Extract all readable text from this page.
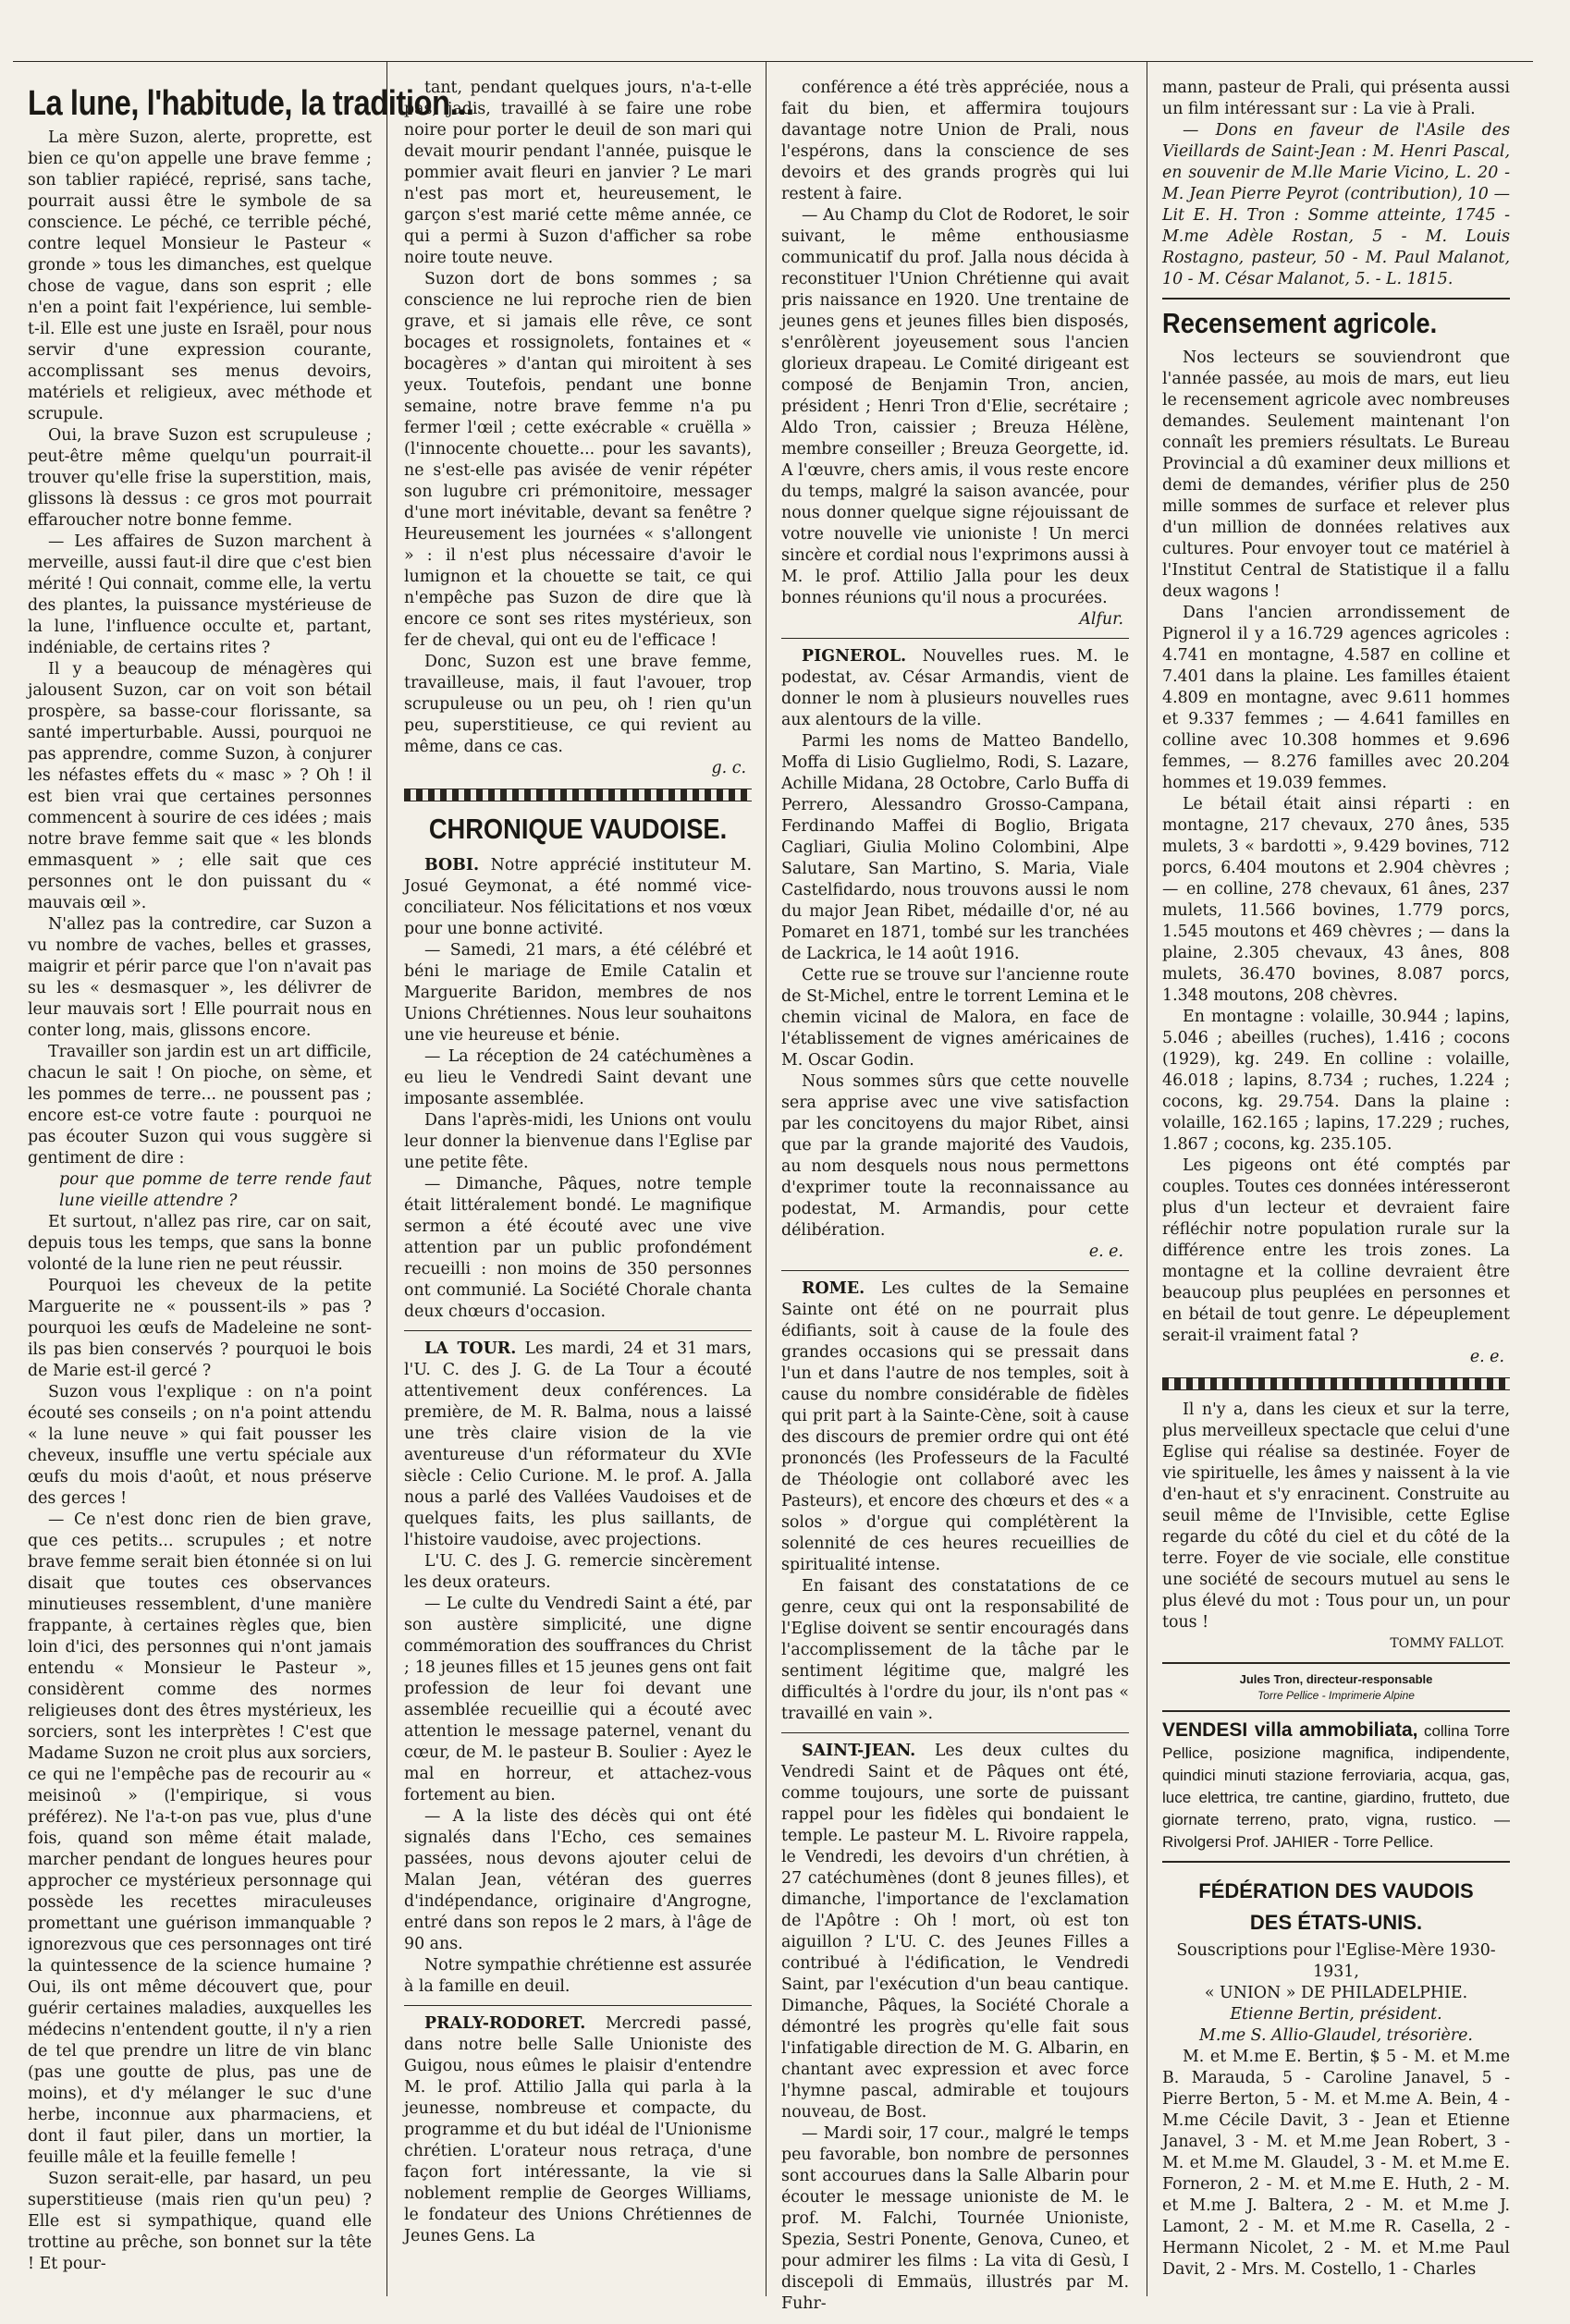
La lune, l'habitude, la tradition...

La mère Suzon, alerte, proprette, est bien ce qu'on appelle une brave femme ; son tablier rapiécé, reprisé, sans tache, pourrait aussi être le symbole de sa conscience. Le péché, ce terrible péché, contre lequel Monsieur le Pasteur « gronde » tous les dimanches, est quelque chose de vague, dans son esprit ; elle n'en a point fait l'expérience, lui semble-t-il. Elle est une juste en Israël, pour nous servir d'une expression courante, accomplissant ses menus devoirs, matériels et religieux, avec méthode et scrupule.

Oui, la brave Suzon est scrupuleuse ; peut-être même quelqu'un pourrait-il trouver qu'elle frise la superstition, mais, glissons là dessus : ce gros mot pourrait effaroucher notre bonne femme.

— Les affaires de Suzon marchent à merveille, aussi faut-il dire que c'est bien mérité ! Qui connait, comme elle, la vertu des plantes, la puissance mystérieuse de la lune, l'influence occulte et, partant, indéniable, de certains rites ?

Il y a beaucoup de ménagères qui jalousent Suzon, car on voit son bétail prospère, sa basse-cour florissante, sa santé imperturbable. Aussi, pourquoi ne pas apprendre, comme Suzon, à conjurer les néfastes effets du « masc » ? Oh ! il est bien vrai que certaines personnes commencent à sourire de ces idées ; mais notre brave femme sait que « les blonds emmasquent » ; elle sait que ces personnes ont le don puissant du « mauvais œil ».

N'allez pas la contredire, car Suzon a vu nombre de vaches, belles et grasses, maigrir et périr parce que l'on n'avait pas su les « desmasquer », les délivrer de leur mauvais sort ! Elle pourrait nous en conter long, mais, glissons encore.

Travailler son jardin est un art difficile, chacun le sait ! On pioche, on sème, et les pommes de terre... ne poussent pas ; encore est-ce votre faute : pourquoi ne pas écouter Suzon qui vous suggère si gentiment de dire :

pour que pomme de terre rende faut lune vieille attendre ?

Et surtout, n'allez pas rire, car on sait, depuis tous les temps, que sans la bonne volonté de la lune rien ne peut réussir.

Pourquoi les cheveux de la petite Marguerite ne « poussent-ils » pas ? pourquoi les œufs de Madeleine ne sont-ils pas bien conservés ? pourquoi le bois de Marie est-il gercé ?

Suzon vous l'explique : on n'a point écouté ses conseils ; on n'a point attendu « la lune neuve » qui fait pousser les cheveux, insuffle une vertu spéciale aux œufs du mois d'août, et nous préserve des gerces !

— Ce n'est donc rien de bien grave, que ces petits... scrupules ; et notre brave femme serait bien étonnée si on lui disait que toutes ces observances minutieuses ressemblent, d'une manière frappante, à certaines règles que, bien loin d'ici, des personnes qui n'ont jamais entendu « Monsieur le Pasteur », considèrent comme des normes religieuses dont des êtres mystérieux, les sorciers, sont les interprètes ! C'est que Madame Suzon ne croit plus aux sorciers, ce qui ne l'empêche pas de recourir au « meisinoû » (l'empirique, si vous préférez). Ne l'a-t-on pas vue, plus d'une fois, quand son même était malade, marcher pendant de longues heures pour approcher ce mystérieux personnage qui possède les recettes miraculeuses promettant une guérison immanquable ? ignorezvous que ces personnages ont tiré la quintessence de la science humaine ? Oui, ils ont même découvert que, pour guérir certaines maladies, auxquelles les médecins n'entendent goutte, il n'y a rien de tel que prendre un litre de vin blanc (pas une goutte de plus, pas une de moins), et d'y mélanger le suc d'une herbe, inconnue aux pharmaciens, et dont il faut piler, dans un mortier, la feuille mâle et la feuille femelle !

Suzon serait-elle, par hasard, un peu superstitieuse (mais rien qu'un peu) ? Elle est si sympathique, quand elle trottine au prêche, son bonnet sur la tête ! Et pour-

tant, pendant quelques jours, n'a-t-elle pas, jadis, travaillé à se faire une robe noire pour porter le deuil de son mari qui devait mourir pendant l'année, puisque le pommier avait fleuri en janvier ? Le mari n'est pas mort et, heureusement, le garçon s'est marié cette même année, ce qui a permi à Suzon d'afficher sa robe noire toute neuve.

Suzon dort de bons sommes ; sa conscience ne lui reproche rien de bien grave, et si jamais elle rêve, ce sont bocages et rossignolets, fontaines et « bocagères » d'antan qui miroitent à ses yeux. Toutefois, pendant une bonne semaine, notre brave femme n'a pu fermer l'œil ; cette exécrable « cruëlla » (l'innocente chouette... pour les savants), ne s'est-elle pas avisée de venir répéter son lugubre cri prémonitoire, messager d'une mort inévitable, devant sa fenêtre ? Heureusement les journées « s'allongent » : il n'est plus nécessaire d'avoir le lumignon et la chouette se tait, ce qui n'empêche pas Suzon de dire que là encore ce sont ses rites mystérieux, son fer de cheval, qui ont eu de l'efficace !

Donc, Suzon est une brave femme, travailleuse, mais, il faut l'avouer, trop scrupuleuse ou un peu, oh ! rien qu'un peu, superstitieuse, ce qui revient au même, dans ce cas.

g. c.

CHRONIQUE VAUDOISE.

BOBI. Notre apprécié instituteur M. Josué Geymonat, a été nommé vice-conciliateur. Nos félicitations et nos vœux pour une bonne activité.

— Samedi, 21 mars, a été célébré et béni le mariage de Emile Catalin et Marguerite Baridon, membres de nos Unions Chrétiennes. Nous leur souhaitons une vie heureuse et bénie.

— La réception de 24 catéchumènes a eu lieu le Vendredi Saint devant une imposante assemblée.

Dans l'après-midi, les Unions ont voulu leur donner la bienvenue dans l'Eglise par une petite fête.

— Dimanche, Pâques, notre temple était littéralement bondé. Le magnifique sermon a été écouté avec une vive attention par un public profondément recueilli : non moins de 350 personnes ont communié. La Société Chorale chanta deux chœurs d'occasion.

LA TOUR. Les mardi, 24 et 31 mars, l'U. C. des J. G. de La Tour a écouté attentivement deux conférences. La première, de M. R. Balma, nous a laissé une très claire vision de la vie aventureuse d'un réformateur du XVIe siècle : Celio Curione. M. le prof. A. Jalla nous a parlé des Vallées Vaudoises et de quelques faits, les plus saillants, de l'histoire vaudoise, avec projections.

L'U. C. des J. G. remercie sincèrement les deux orateurs.

— Le culte du Vendredi Saint a été, par son austère simplicité, une digne commémoration des souffrances du Christ ; 18 jeunes filles et 15 jeunes gens ont fait profession de leur foi devant une assemblée recueillie qui a écouté avec attention le message paternel, venant du cœur, de M. le pasteur B. Soulier : Ayez le mal en horreur, et attachez-vous fortement au bien.

— A la liste des décès qui ont été signalés dans l'Echo, ces semaines passées, nous devons ajouter celui de Malan Jean, vétéran des guerres d'indépendance, originaire d'Angrogne, entré dans son repos le 2 mars, à l'âge de 90 ans.

Notre sympathie chrétienne est assurée à la famille en deuil.

PRALY-RODORET. Mercredi passé, dans notre belle Salle Unioniste des Guigou, nous eûmes le plaisir d'entendre M. le prof. Attilio Jalla qui parla à la jeunesse, nombreuse et compacte, du programme et du but idéal de l'Unionisme chrétien. L'orateur nous retraça, d'une façon fort intéressante, la vie si noblement remplie de Georges Williams, le fondateur des Unions Chrétiennes de Jeunes Gens. La

conférence a été très appréciée, nous a fait du bien, et affermira toujours davantage notre Union de Prali, nous l'espérons, dans la conscience de ses devoirs et des grands progrès qui lui restent à faire.

— Au Champ du Clot de Rodoret, le soir suivant, le même enthousiasme communicatif du prof. Jalla nous décida à reconstituer l'Union Chrétienne qui avait pris naissance en 1920. Une trentaine de jeunes gens et jeunes filles bien disposés, s'enrôlèrent joyeusement sous l'ancien glorieux drapeau. Le Comité dirigeant est composé de Benjamin Tron, ancien, président ; Henri Tron d'Elie, secrétaire ; Aldo Tron, caissier ; Breuza Hélène, membre conseiller ; Breuza Georgette, id. A l'œuvre, chers amis, il vous reste encore du temps, malgré la saison avancée, pour nous donner quelque signe réjouissant de votre nouvelle vie unioniste ! Un merci sincère et cordial nous l'exprimons aussi à M. le prof. Attilio Jalla pour les deux bonnes réunions qu'il nous a procurées.

Alfur.

PIGNEROL. Nouvelles rues. M. le podestat, av. César Armandis, vient de donner le nom à plusieurs nouvelles rues aux alentours de la ville.

Parmi les noms de Matteo Bandello, Moffa di Lisio Guglielmo, Rodi, S. Lazare, Achille Midana, 28 Octobre, Carlo Buffa di Perrero, Alessandro Grosso-Campana, Ferdinando Maffei di Boglio, Brigata Cagliari, Giulia Molino Colombini, Alpe Salutare, San Martino, S. Maria, Viale Castelfidardo, nous trouvons aussi le nom du major Jean Ribet, médaille d'or, né au Pomaret en 1871, tombé sur les tranchées de Lackrica, le 14 août 1916.

Cette rue se trouve sur l'ancienne route de St-Michel, entre le torrent Lemina et le chemin vicinal de Malora, en face de l'établissement de vignes américaines de M. Oscar Godin.

Nous sommes sûrs que cette nouvelle sera apprise avec une vive satisfaction par les concitoyens du major Ribet, ainsi que par la grande majorité des Vaudois, au nom desquels nous nous permettons d'exprimer toute la reconnaissance au podestat, M. Armandis, pour cette délibération.

e. e.

ROME. Les cultes de la Semaine Sainte ont été on ne pourrait plus édifiants, soit à cause de la foule des grandes occasions qui se pressait dans l'un et dans l'autre de nos temples, soit à cause du nombre considérable de fidèles qui prit part à la Sainte-Cène, soit à cause des discours de premier ordre qui ont été prononcés (les Professeurs de la Faculté de Théologie ont collaboré avec les Pasteurs), et encore des chœurs et des « a solos » d'orgue qui complétèrent la solennité de ces heures recueillies de spiritualité intense.

En faisant des constatations de ce genre, ceux qui ont la responsabilité de l'Eglise doivent se sentir encouragés dans l'accomplissement de la tâche par le sentiment légitime que, malgré les difficultés à l'ordre du jour, ils n'ont pas « travaillé en vain ».

SAINT-JEAN. Les deux cultes du Vendredi Saint et de Pâques ont été, comme toujours, une sorte de puissant rappel pour les fidèles qui bondaient le temple. Le pasteur M. L. Rivoire rappela, le Vendredi, les devoirs d'un chrétien, à 27 catéchumènes (dont 8 jeunes filles), et dimanche, l'importance de l'exclamation de l'Apôtre : Oh ! mort, où est ton aiguillon ? L'U. C. des Jeunes Filles a contribué à l'édification, le Vendredi Saint, par l'exécution d'un beau cantique. Dimanche, Pâques, la Société Chorale a démontré les progrès qu'elle fait sous l'infatigable direction de M. G. Albarin, en chantant avec expression et avec force l'hymne pascal, admirable et toujours nouveau, de Bost.

— Mardi soir, 17 cour., malgré le temps peu favorable, bon nombre de personnes sont accourues dans la Salle Albarin pour écouter le message unioniste de M. le prof. M. Falchi, Tournée Unioniste, Spezia, Sestri Ponente, Genova, Cuneo, et pour admirer les films : La vita di Gesù, I discepoli di Emmaüs, illustrés par M. Fuhr-

mann, pasteur de Prali, qui présenta aussi un film intéressant sur : La vie à Prali.

— Dons en faveur de l'Asile des Vieillards de Saint-Jean : M. Henri Pascal, en souvenir de M.lle Marie Vicino, L. 20 - M. Jean Pierre Peyrot (contribution), 10 — Lit E. H. Tron : Somme atteinte, 1745 - M.me Adèle Rostan, 5 - M. Louis Rostagno, pasteur, 50 - M. Paul Malanot, 10 - M. César Malanot, 5. - L. 1815.

Recensement agricole.

Nos lecteurs se souviendront que l'année passée, au mois de mars, eut lieu le recensement agricole avec nombreuses demandes. Seulement maintenant l'on connaît les premiers résultats. Le Bureau Provincial a dû examiner deux millions et demi de demandes, vérifier plus de 250 mille sommes de surface et relever plus d'un million de données relatives aux cultures. Pour envoyer tout ce matériel à l'Institut Central de Statistique il a fallu deux wagons !

Dans l'ancien arrondissement de Pignerol il y a 16.729 agences agricoles : 4.741 en montagne, 4.587 en colline et 7.401 dans la plaine. Les familles étaient 4.809 en montagne, avec 9.611 hommes et 9.337 femmes ; — 4.641 familles en colline avec 10.308 hommes et 9.696 femmes, — 8.276 familles avec 20.204 hommes et 19.039 femmes.

Le bétail était ainsi réparti : en montagne, 217 chevaux, 270 ânes, 535 mulets, 3 « bardotti », 9.429 bovines, 712 porcs, 6.404 moutons et 2.904 chèvres ; — en colline, 278 chevaux, 61 ânes, 237 mulets, 11.566 bovines, 1.779 porcs, 1.545 moutons et 469 chèvres ; — dans la plaine, 2.305 chevaux, 43 ânes, 808 mulets, 36.470 bovines, 8.087 porcs, 1.348 moutons, 208 chèvres.

En montagne : volaille, 30.944 ; lapins, 5.046 ; abeilles (ruches), 1.416 ; cocons (1929), kg. 249. En colline : volaille, 46.018 ; lapins, 8.734 ; ruches, 1.224 ; cocons, kg. 29.754. Dans la plaine : volaille, 162.165 ; lapins, 17.229 ; ruches, 1.867 ; cocons, kg. 235.105.

Les pigeons ont été comptés par couples. Toutes ces données intéresseront plus d'un lecteur et devraient faire réfléchir notre population rurale sur la différence entre les trois zones. La montagne et la colline devraient être beaucoup plus peuplées en personnes et en bétail de tout genre. Le dépeuplement serait-il vraiment fatal ?

e. e.

Il n'y a, dans les cieux et sur la terre, plus merveilleux spectacle que celui d'une Eglise qui réalise sa destinée. Foyer de vie spirituelle, les âmes y naissent à la vie d'en-haut et s'y enracinent. Construite au seuil même de l'Invisible, cette Eglise regarde du côté du ciel et du côté de la terre. Foyer de vie sociale, elle constitue une société de secours mutuel au sens le plus élevé du mot : Tous pour un, un pour tous !

TOMMY FALLOT.

Jules Tron, directeur-responsable
Torre Pellice - Imprimerie Alpine
VENDESI villa ammobiliata, collina Torre Pellice, posizione magnifica, indipendente, quindici minuti stazione ferroviaria, acqua, gas, luce elettrica, tre cantine, giardino, frutteto, due giornate terreno, prato, vigna, rustico. — Rivolgersi Prof. JAHIER - Torre Pellice.
FÉDÉRATION DES VAUDOIS
DES ÉTATS-UNIS.

Souscriptions pour l'Eglise-Mère 1930-1931,

« UNION » DE PHILADELPHIE.

Etienne Bertin, président.

M.me S. Allio-Glaudel, trésorière.

M. et M.me E. Bertin, $ 5 - M. et M.me B. Marauda, 5 - Caroline Janavel, 5 - Pierre Berton, 5 - M. et M.me A. Bein, 4 - M.me Cécile Davit, 3 - Jean et Etienne Janavel, 3 - M. et M.me Jean Robert, 3 - M. et M.me M. Glaudel, 3 - M. et M.me E. Forneron, 2 - M. et M.me E. Huth, 2 - M. et M.me J. Baltera, 2 - M. et M.me J. Lamont, 2 - M. et M.me R. Casella, 2 - Hermann Nicolet, 2 - M. et M.me Paul Davit, 2 - Mrs. M. Costello, 1 - Charles
